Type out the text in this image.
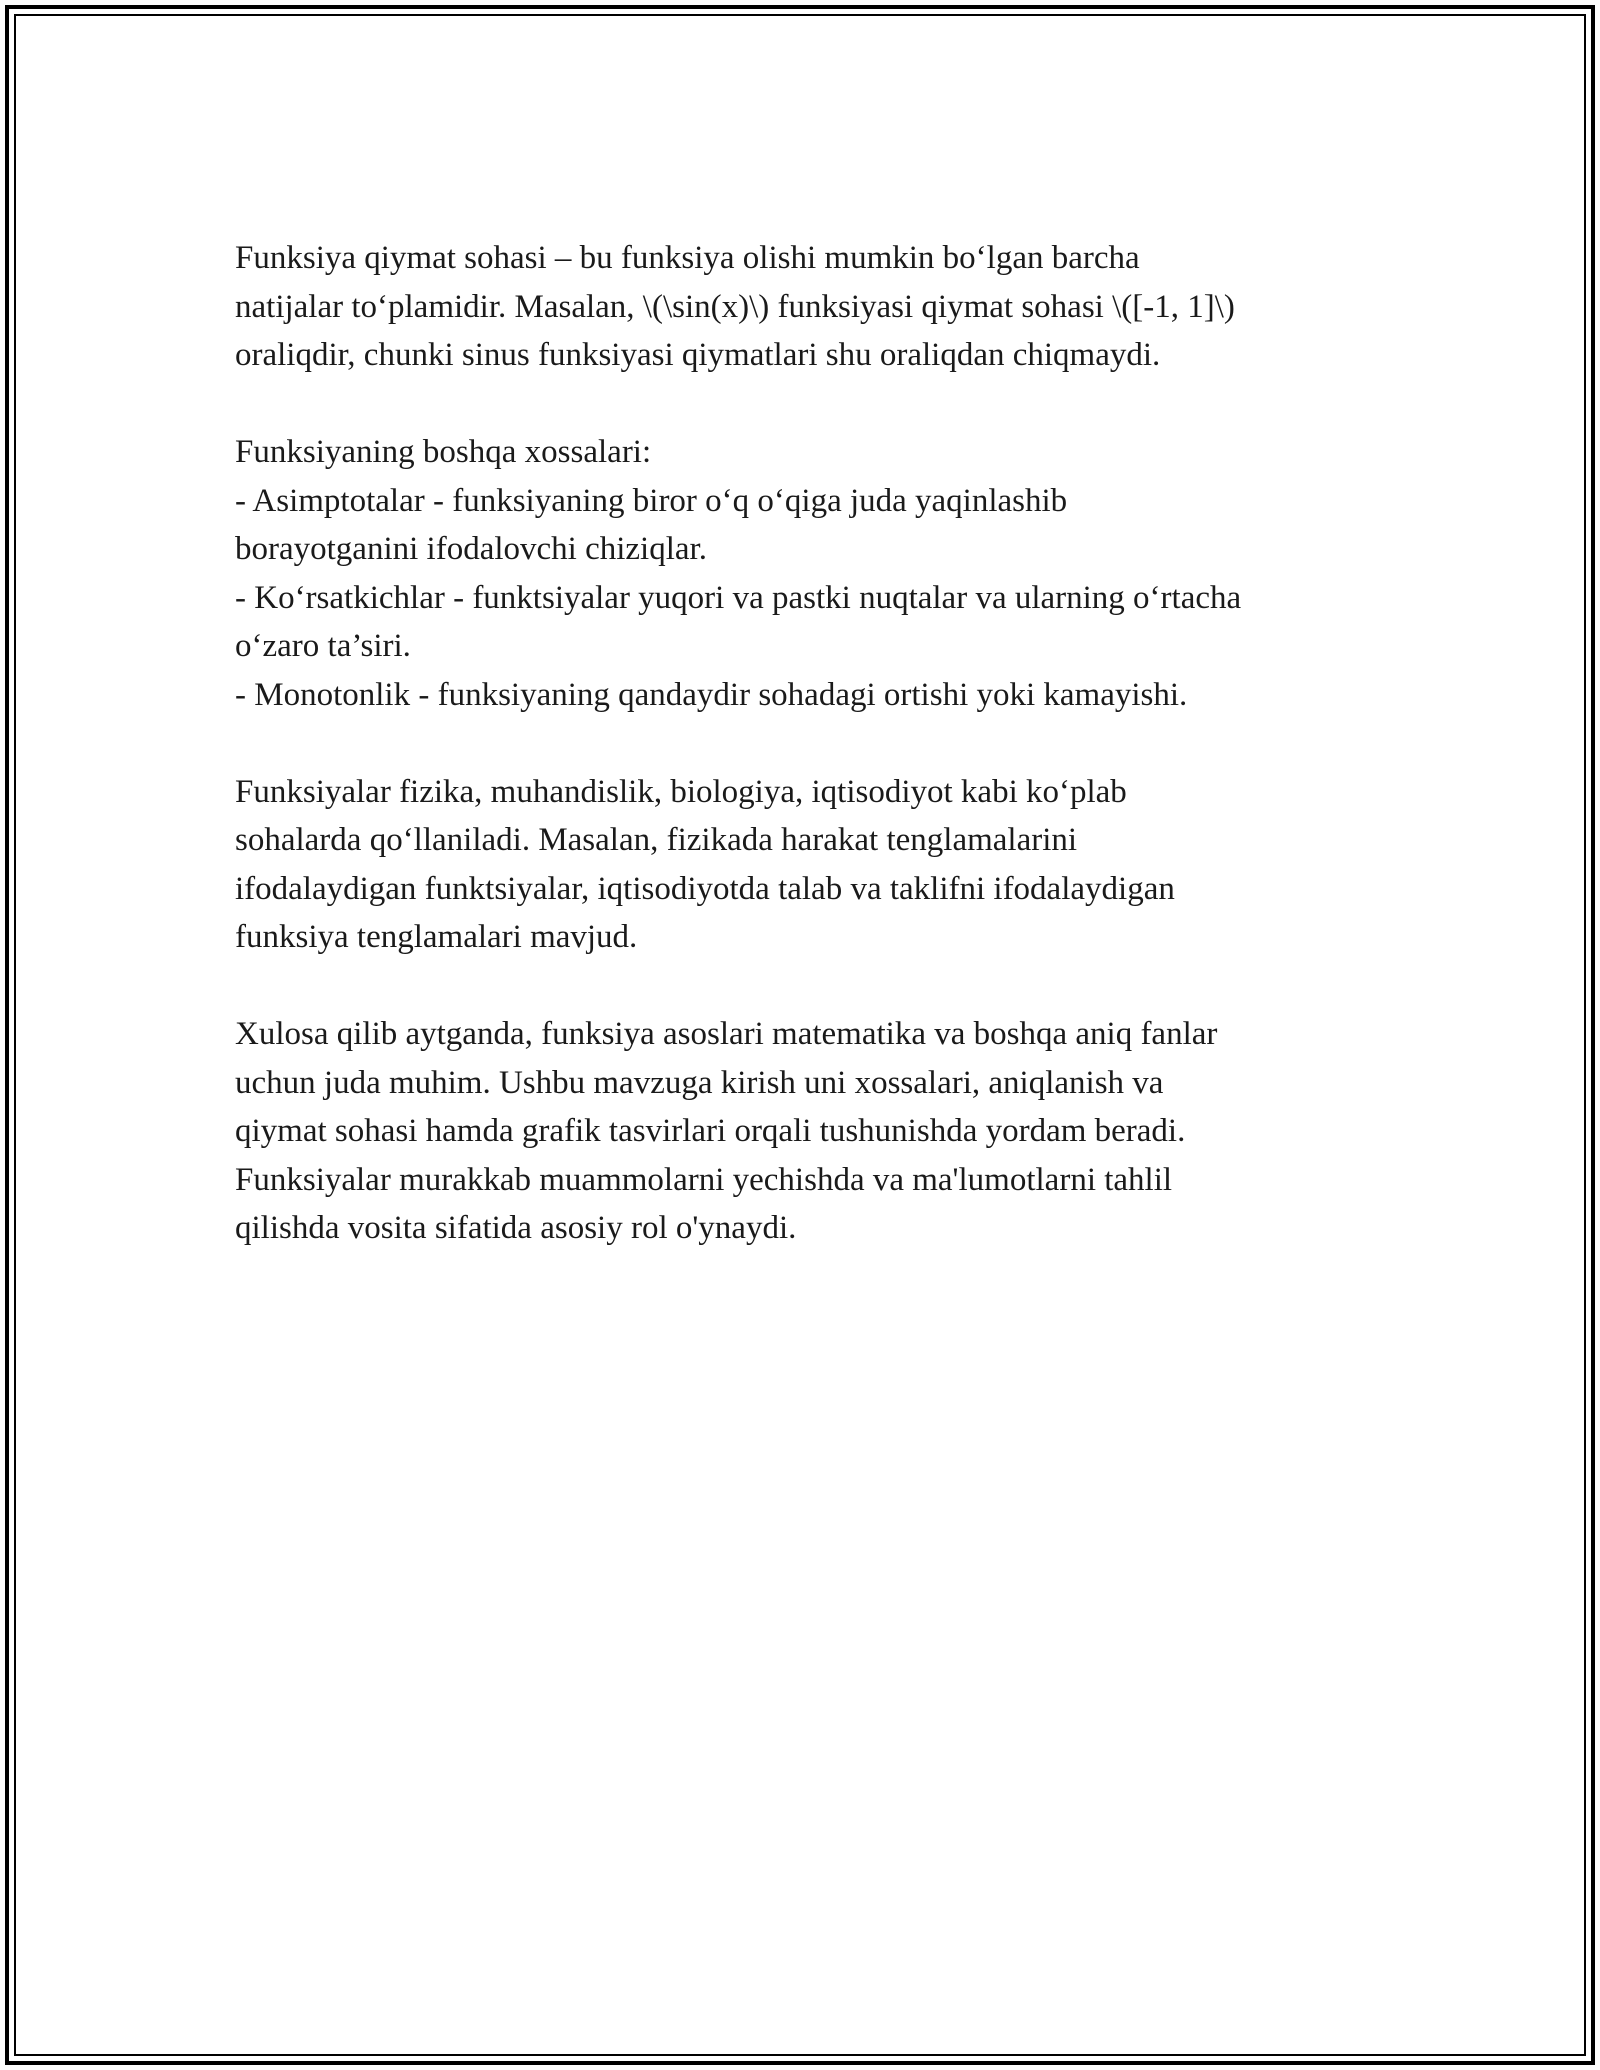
Funksiya qiymat sohasi – bu funksiya olishi mumkin bo‘lgan barcha
natijalar to‘plamidir. Masalan, \(\sin(x)\) funksiyasi qiymat sohasi \([-1, 1]\)
oraliqdir, chunki sinus funksiyasi qiymatlari shu oraliqdan chiqmaydi.

Funksiyaning boshqa xossalari:
- Asimptotalar - funksiyaning biror o‘q o‘qiga juda yaqinlashib
borayotganini ifodalovchi chiziqlar.
- Ko‘rsatkichlar - funktsiyalar yuqori va pastki nuqtalar va ularning o‘rtacha
o‘zaro ta’siri.
- Monotonlik - funksiyaning qandaydir sohadagi ortishi yoki kamayishi.

Funksiyalar fizika, muhandislik, biologiya, iqtisodiyot kabi ko‘plab
sohalarda qo‘llaniladi. Masalan, fizikada harakat tenglamalarini
ifodalaydigan funktsiyalar, iqtisodiyotda talab va taklifni ifodalaydigan
funksiya tenglamalari mavjud.

Xulosa qilib aytganda, funksiya asoslari matematika va boshqa aniq fanlar
uchun juda muhim. Ushbu mavzuga kirish uni xossalari, aniqlanish va
qiymat sohasi hamda grafik tasvirlari orqali tushunishda yordam beradi.
Funksiyalar murakkab muammolarni yechishda va ma'lumotlarni tahlil
qilishda vosita sifatida asosiy rol o'ynaydi.
